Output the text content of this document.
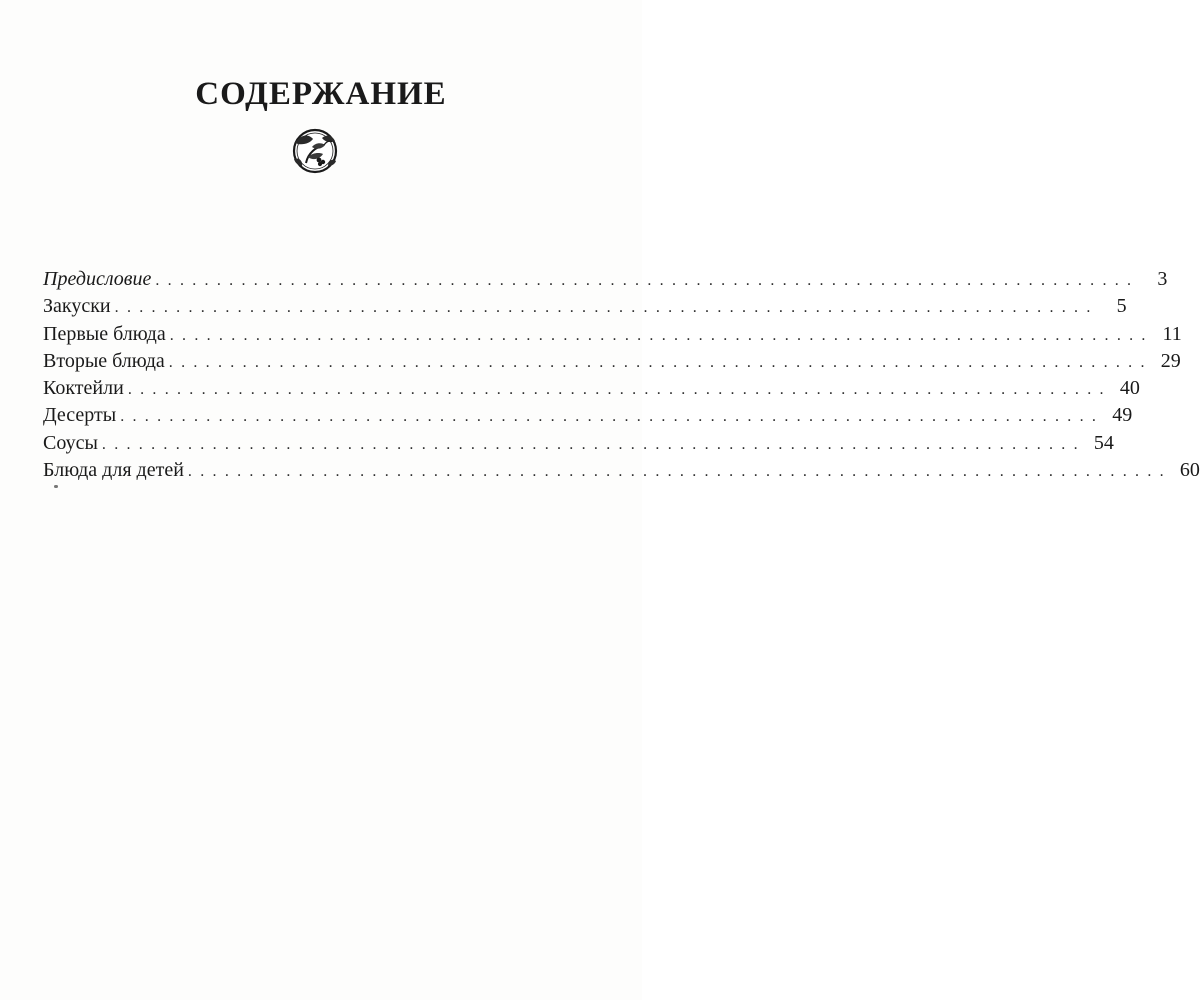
СОДЕРЖАНИЕ
Предисловие ................................................................................ 3
Закуски ................................................................................ 5
Первые блюда ................................................................................ 11
Вторые блюда ................................................................................ 29
Коктейли ................................................................................ 40
Десерты ................................................................................ 49
Соусы ................................................................................ 54
Блюда для детей ................................................................................ 60
